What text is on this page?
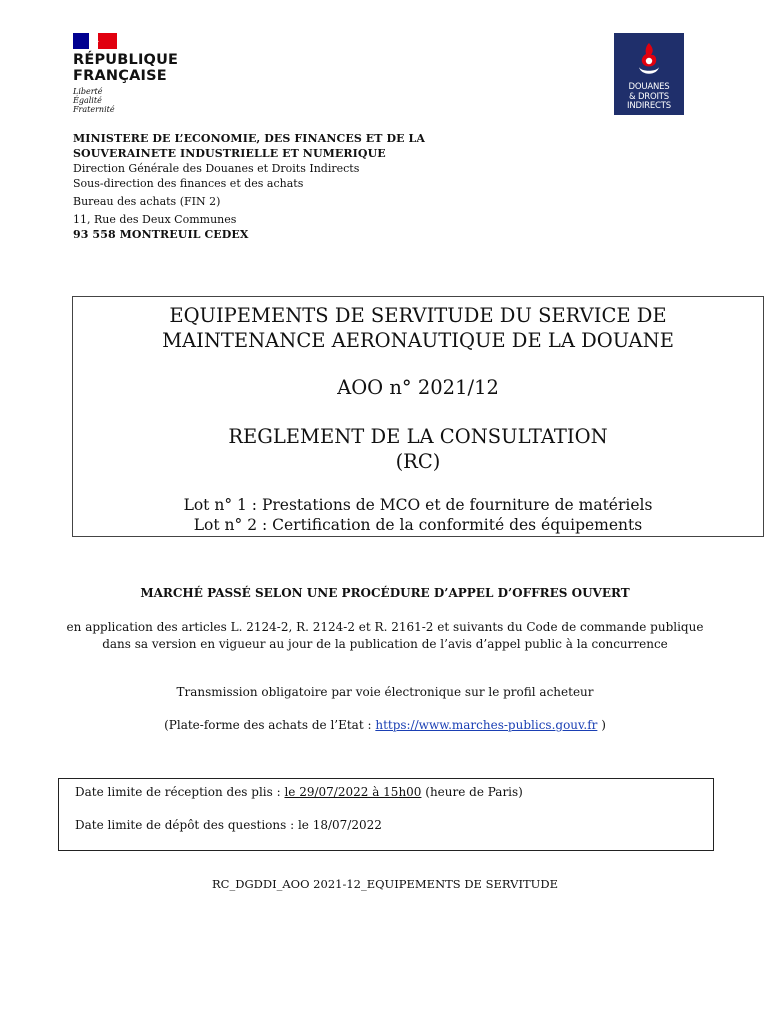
RÉPUBLIQUE
FRANÇAISE
Liberté
Égalité
Fraternité
DOUANES
& DROITS
INDIRECTS
MINISTERE DE L’ECONOMIE, DES FINANCES ET DE LA
SOUVERAINETE INDUSTRIELLE ET NUMERIQUE
Direction Générale des Douanes et Droits Indirects
Sous-direction des finances et des achats
Bureau des achats (FIN 2)
11, Rue des Deux Communes
93 558 MONTREUIL CEDEX
EQUIPEMENTS DE SERVITUDE DU SERVICE DE
MAINTENANCE AERONAUTIQUE DE LA DOUANE
AOO n° 2021/12
REGLEMENT DE LA CONSULTATION
(RC)
Lot n° 1 : Prestations de MCO et de fourniture de matériels
Lot n° 2 : Certification de la conformité des équipements
MARCHÉ PASSÉ SELON UNE PROCÉDURE D’APPEL D’OFFRES OUVERT
en application des articles L. 2124-2, R. 2124-2 et R. 2161-2 et suivants du Code de commande publique dans sa version en vigueur au jour de la publication de l’avis d’appel public à la concurrence
Transmission obligatoire par voie électronique sur le profil acheteur
(Plate-forme des achats de l’Etat : https://www.marches-publics.gouv.fr )
Date limite de réception des plis : le 29/07/2022 à 15h00 (heure de Paris)
Date limite de dépôt des questions : le 18/07/2022
RC_DGDDI_AOO 2021-12_EQUIPEMENTS DE SERVITUDE
